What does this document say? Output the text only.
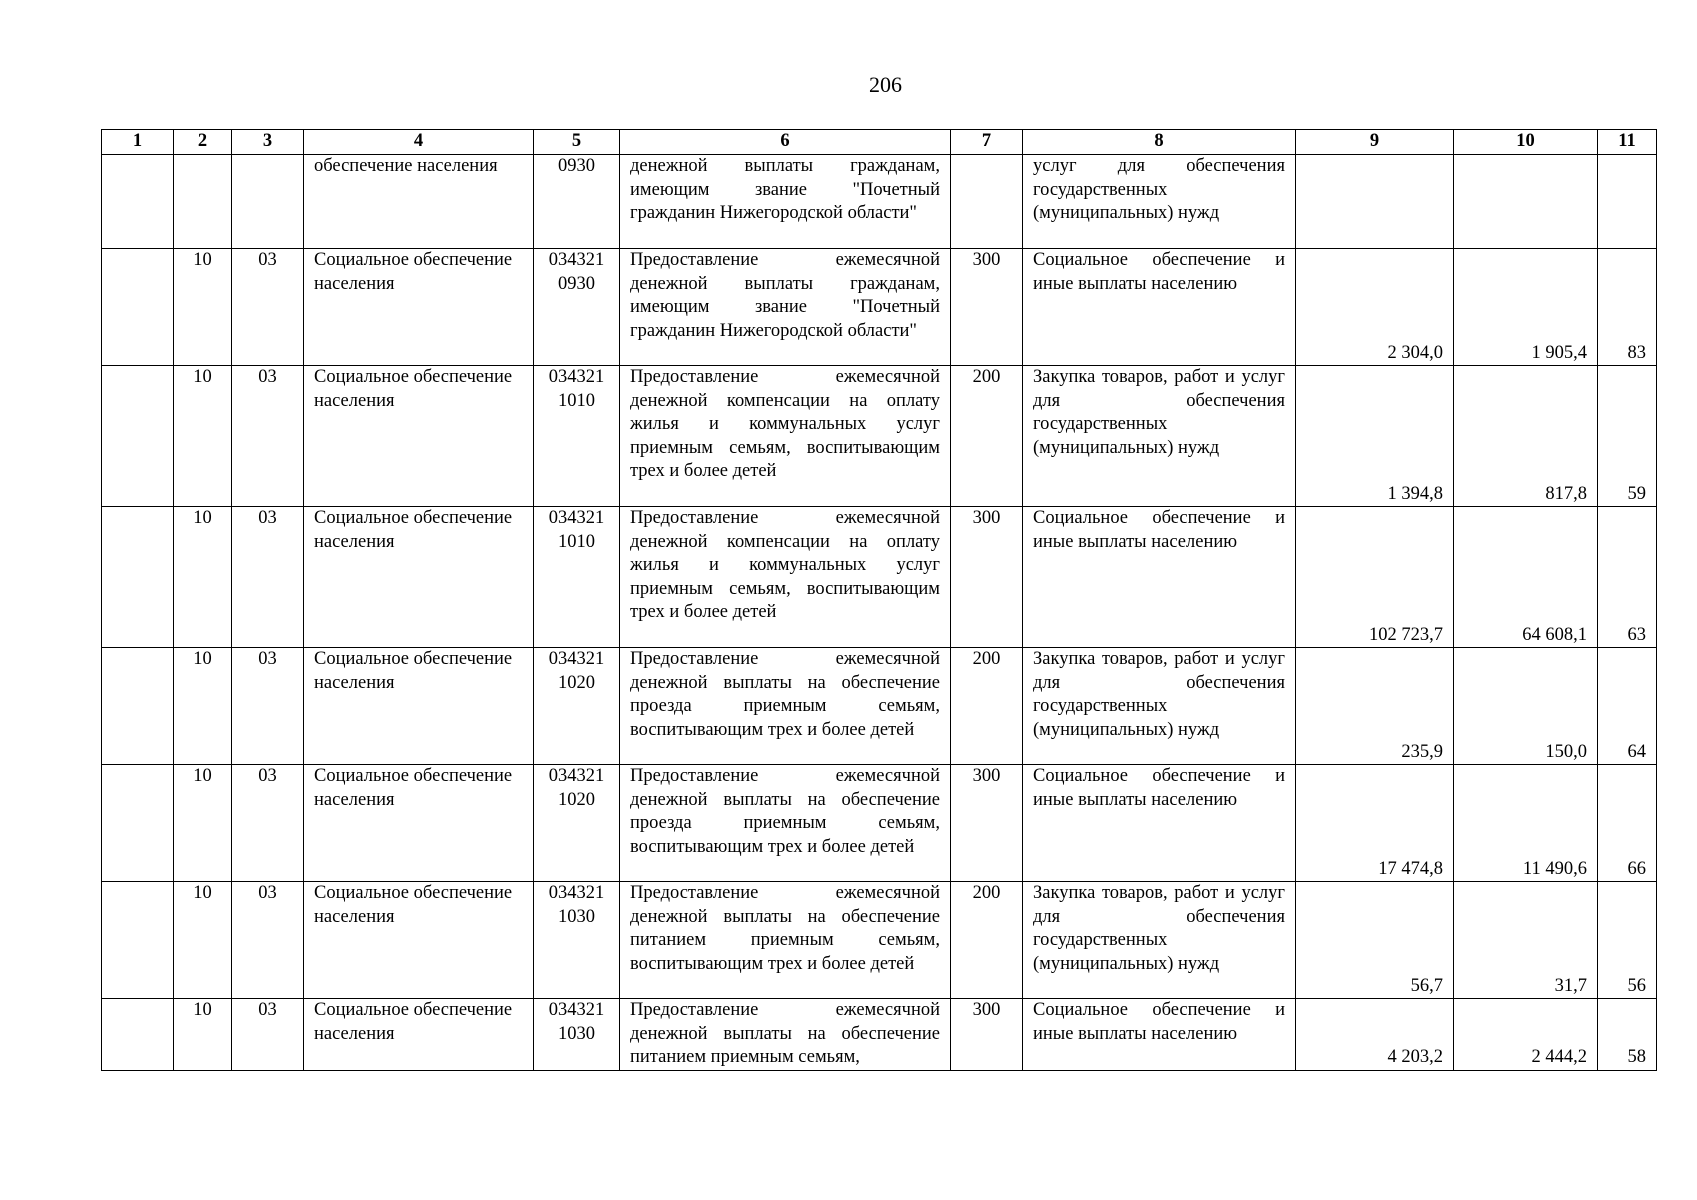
206
1	2	3	4	5	6	7	8	9	10	11
			обеспечение населения	0930	денежной выплаты гражданам, имеющим звание "Почетный гражданин Нижегородской области"		услуг для обеспечения государственных (муниципальных) нужд			
	10	03	Социальное обеспечение населения	034321 0930	Предоставление ежемесячной денежной выплаты гражданам, имеющим звание "Почетный гражданин Нижегородской области"	300	Социальное обеспечение и иные выплаты населению	2 304,0	1 905,4	83
	10	03	Социальное обеспечение населения	034321 1010	Предоставление ежемесячной денежной компенсации на оплату жилья и коммунальных услуг приемным семьям, воспитывающим трех и более детей	200	Закупка товаров, работ и услуг для обеспечения государственных (муниципальных) нужд	1 394,8	817,8	59
	10	03	Социальное обеспечение населения	034321 1010	Предоставление ежемесячной денежной компенсации на оплату жилья и коммунальных услуг приемным семьям, воспитывающим трех и более детей	300	Социальное обеспечение и иные выплаты населению	102 723,7	64 608,1	63
	10	03	Социальное обеспечение населения	034321 1020	Предоставление ежемесячной денежной выплаты на обеспечение проезда приемным семьям, воспитывающим трех и более детей	200	Закупка товаров, работ и услуг для обеспечения государственных (муниципальных) нужд	235,9	150,0	64
	10	03	Социальное обеспечение населения	034321 1020	Предоставление ежемесячной денежной выплаты на обеспечение проезда приемным семьям, воспитывающим трех и более детей	300	Социальное обеспечение и иные выплаты населению	17 474,8	11 490,6	66
	10	03	Социальное обеспечение населения	034321 1030	Предоставление ежемесячной денежной выплаты на обеспечение питанием приемным семьям, воспитывающим трех и более детей	200	Закупка товаров, работ и услуг для обеспечения государственных (муниципальных) нужд	56,7	31,7	56
	10	03	Социальное обеспечение населения	034321 1030	Предоставление ежемесячной денежной выплаты на обеспечение питанием приемным семьям,	300	Социальное обеспечение и иные выплаты населению	4 203,2	2 444,2	58
